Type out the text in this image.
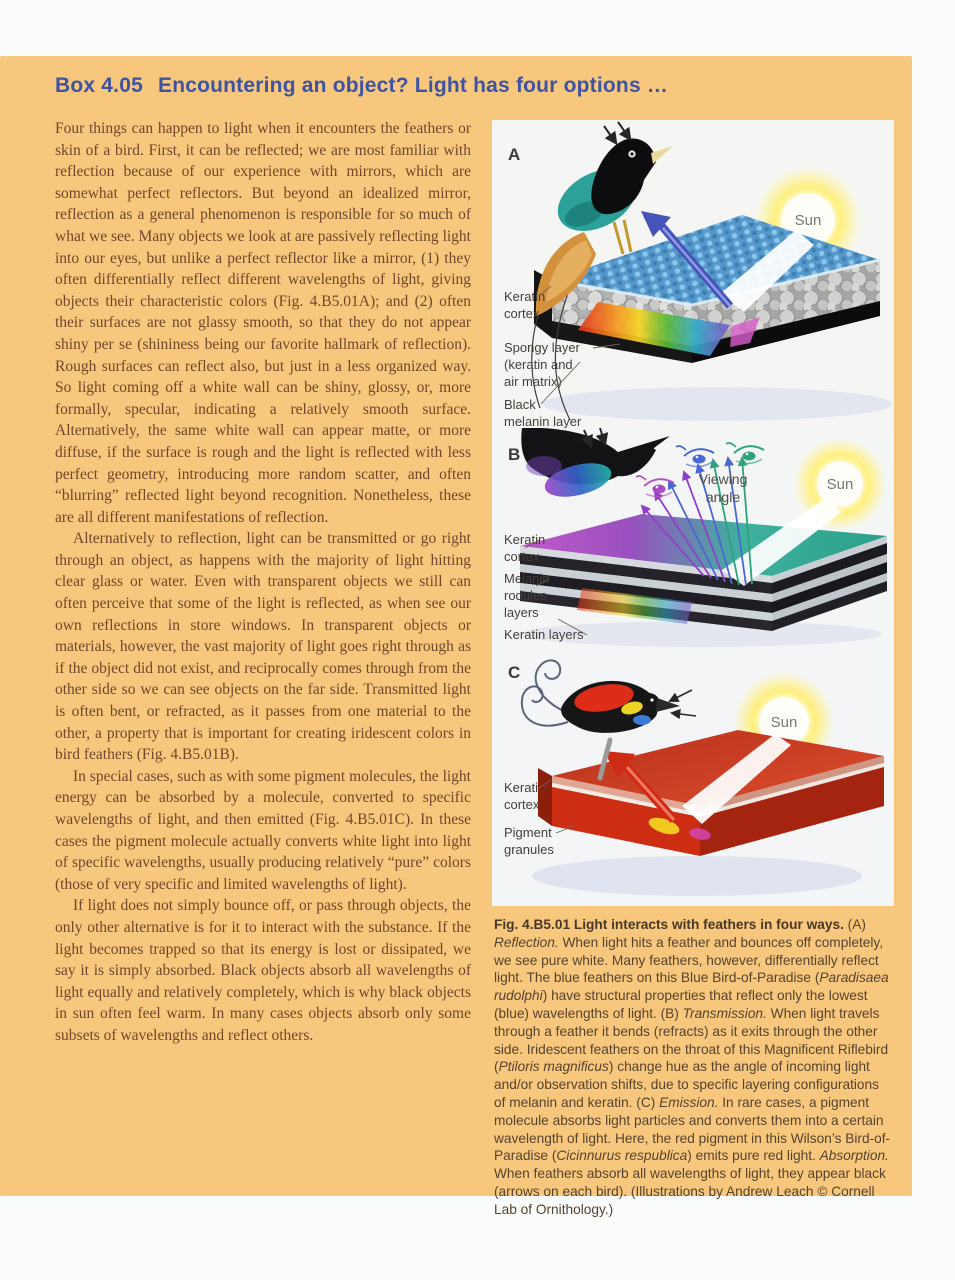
Box 4.05 Encountering an object? Light has four options …

Four things can happen to light when it encounters the feathers or skin of a bird. First, it can be reflected; we are most familiar with reflection because of our experience with mirrors, which are somewhat perfect reflectors. But beyond an idealized mirror, reflection as a general phenomenon is responsible for so much of what we see. Many objects we look at are passively reflecting light into our eyes, but unlike a perfect reflector like a mirror, (1) they often differentially reflect different wavelengths of light, giving objects their characteristic colors (Fig. 4.B5.01A); and (2) often their surfaces are not glassy smooth, so that they do not appear shiny per se (shininess being our favorite hallmark of reflection). Rough surfaces can reflect also, but just in a less organized way. So light coming off a white wall can be shiny, glossy, or, more formally, specular, indicating a relatively smooth surface. Alternatively, the same white wall can appear matte, or more diffuse, if the surface is rough and the light is reflected with less perfect geometry, introducing more random scatter, and often “blurring” reflected light beyond recognition. Nonetheless, these are all different manifestations of reflection.

Alternatively to reflection, light can be transmitted or go right through an object, as happens with the majority of light hitting clear glass or water. Even with transparent objects we still can often perceive that some of the light is reflected, as when see our own reflections in store windows. In transparent objects or materials, however, the vast majority of light goes right through as if the object did not exist, and reciprocally comes through from the other side so we can see objects on the far side. Transmitted light is often bent, or refracted, as it passes from one material to the other, a property that is important for creating iridescent colors in bird feathers (Fig. 4.B5.01B).

In special cases, such as with some pigment molecules, the light energy can be absorbed by a molecule, converted to specific wavelengths of light, and then emitted (Fig. 4.B5.01C). In these cases the pigment molecule actually converts white light into light of specific wavelengths, usually producing relatively “pure” colors (those of very specific and limited wavelengths of light).

If light does not simply bounce off, or pass through objects, the only other alternative is for it to interact with the substance. If the light becomes trapped so that its energy is lost or dissipated, we say it is simply absorbed. Black objects absorb all wavelengths of light equally and relatively completely, which is why black objects in sun often feel warm. In many cases objects absorb only some subsets of wavelengths and reflect others.

A
Sun
Keratin
cortex
Spongy layer
(keratin and
air matrix)
Black
melanin layer
B
Sun
Viewing
angle
Keratin
cortex
Melanin
rodules
layers
Keratin layers
C
Sun
Keratin
cortex
Pigment
granules

Fig. 4.B5.01 Light interacts with feathers in four ways. (A) Reflection. When light hits a feather and bounces off completely, we see pure white. Many feathers, however, differentially reflect light. The blue feathers on this Blue Bird-of-Paradise (Paradisaea rudolphi) have structural properties that reflect only the lowest (blue) wavelengths of light. (B) Transmission. When light travels through a feather it bends (refracts) as it exits through the other side. Iridescent feathers on the throat of this Magnificent Riflebird (Ptiloris magnificus) change hue as the angle of incoming light and/or observation shifts, due to specific layering configurations of melanin and keratin. (C) Emission. In rare cases, a pigment molecule absorbs light particles and converts them into a certain wavelength of light. Here, the red pigment in this Wilson’s Bird-of-Paradise (Cicinnurus respublica) emits pure red light. Absorption. When feathers absorb all wavelengths of light, they appear black (arrows on each bird). (Illustrations by Andrew Leach © Cornell Lab of Ornithology.)
